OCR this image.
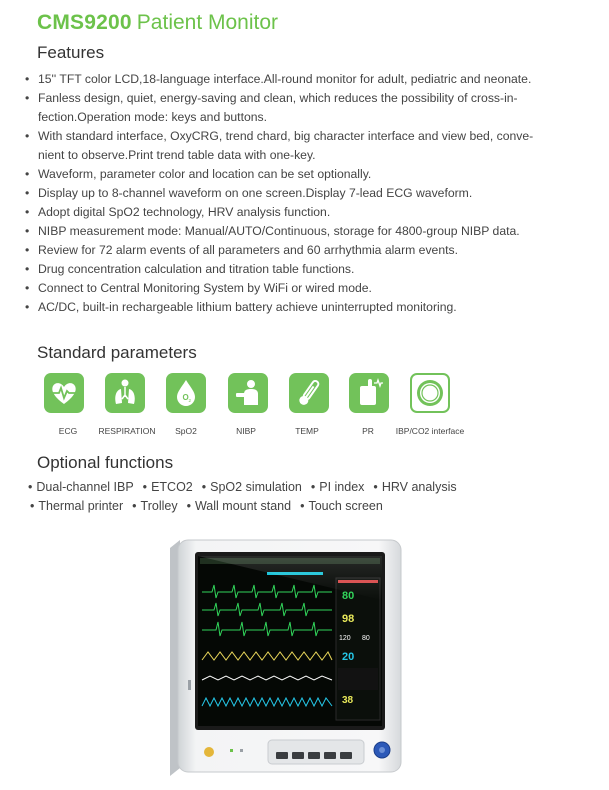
CMS9200 Patient Monitor
Features
• 15'' TFT color LCD,18-language interface.All-round monitor for adult, pediatric and neonate.
• Fanless design, quiet, energy-saving and clean, which reduces the possibility of cross-in-
fection.Operation mode: keys and buttons.
• With standard interface, OxyCRG, trend chard, big character interface and view bed, conve-
nient to observe.Print trend table data with one-key.
• Waveform, parameter color and location can be set optionally.
• Display up to 8-channel waveform on one screen.Display 7-lead ECG waveform.
• Adopt digital SpO2 technology, HRV analysis function.
• NIBP measurement mode: Manual/AUTO/Continuous, storage for 4800-group NIBP data.
• Review for 72 alarm events of all parameters and 60 arrhythmia alarm events.
• Drug concentration calculation and titration table functions.
• Connect to Central Monitoring System by WiFi or wired mode.
• AC/DC, built-in rechargeable lithium battery achieve uninterrupted monitoring.
Standard parameters
ECG	RESPIRATION
O 2
SpO2	NIBP	TEMP	PR	IBP/CO2 interface
Optional functions
• Dual-channel IBP • ETCO2 • SpO2 simulation • PI index • HRV analysis
• Thermal printer • Trolley • Wall mount stand • Touch screen
80
98
120 80
20
38
